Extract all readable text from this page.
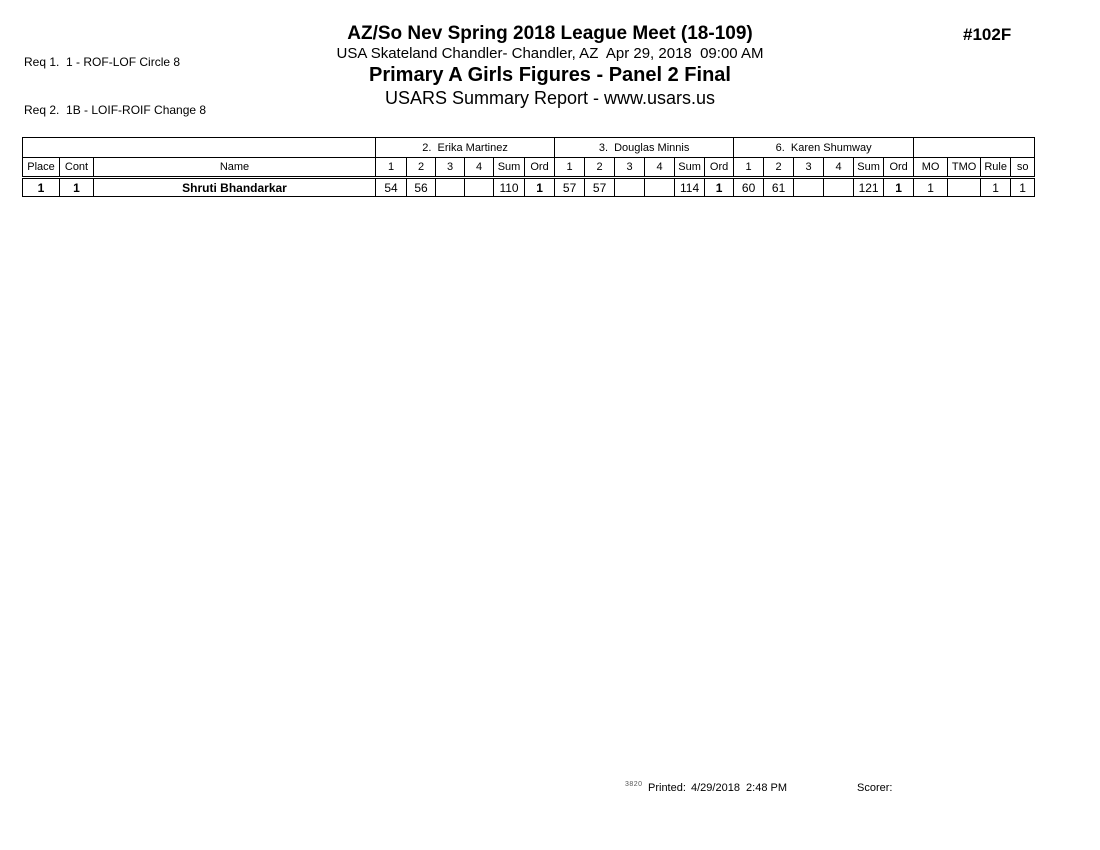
Req 1.  1 - ROF-LOF Circle 8

Req 2.  1B - LOIF-ROIF Change 8

#102F
AZ/So Nev Spring 2018 League Meet (18-109)
USA Skateland Chandler- Chandler, AZ  Apr 29, 2018  09:00 AM
Primary A Girls Figures - Panel 2 Final
USARS Summary Report - www.usars.us
			2.  Erika Martinez						3.  Douglas Minnis						6.  Karen Shumway									
Place	Cont	Name	1	2	3	4	Sum	Ord	1	2	3	4	Sum	Ord	1	2	3	4	Sum	Ord	MO	TMO	Rule	so
1	1	Shruti Bhandarkar	54	56			110	1	57	57			114	1	60	61			121	1	1		1	1
3820 Printed: 4/29/2018  2:48 PM	Scorer:
